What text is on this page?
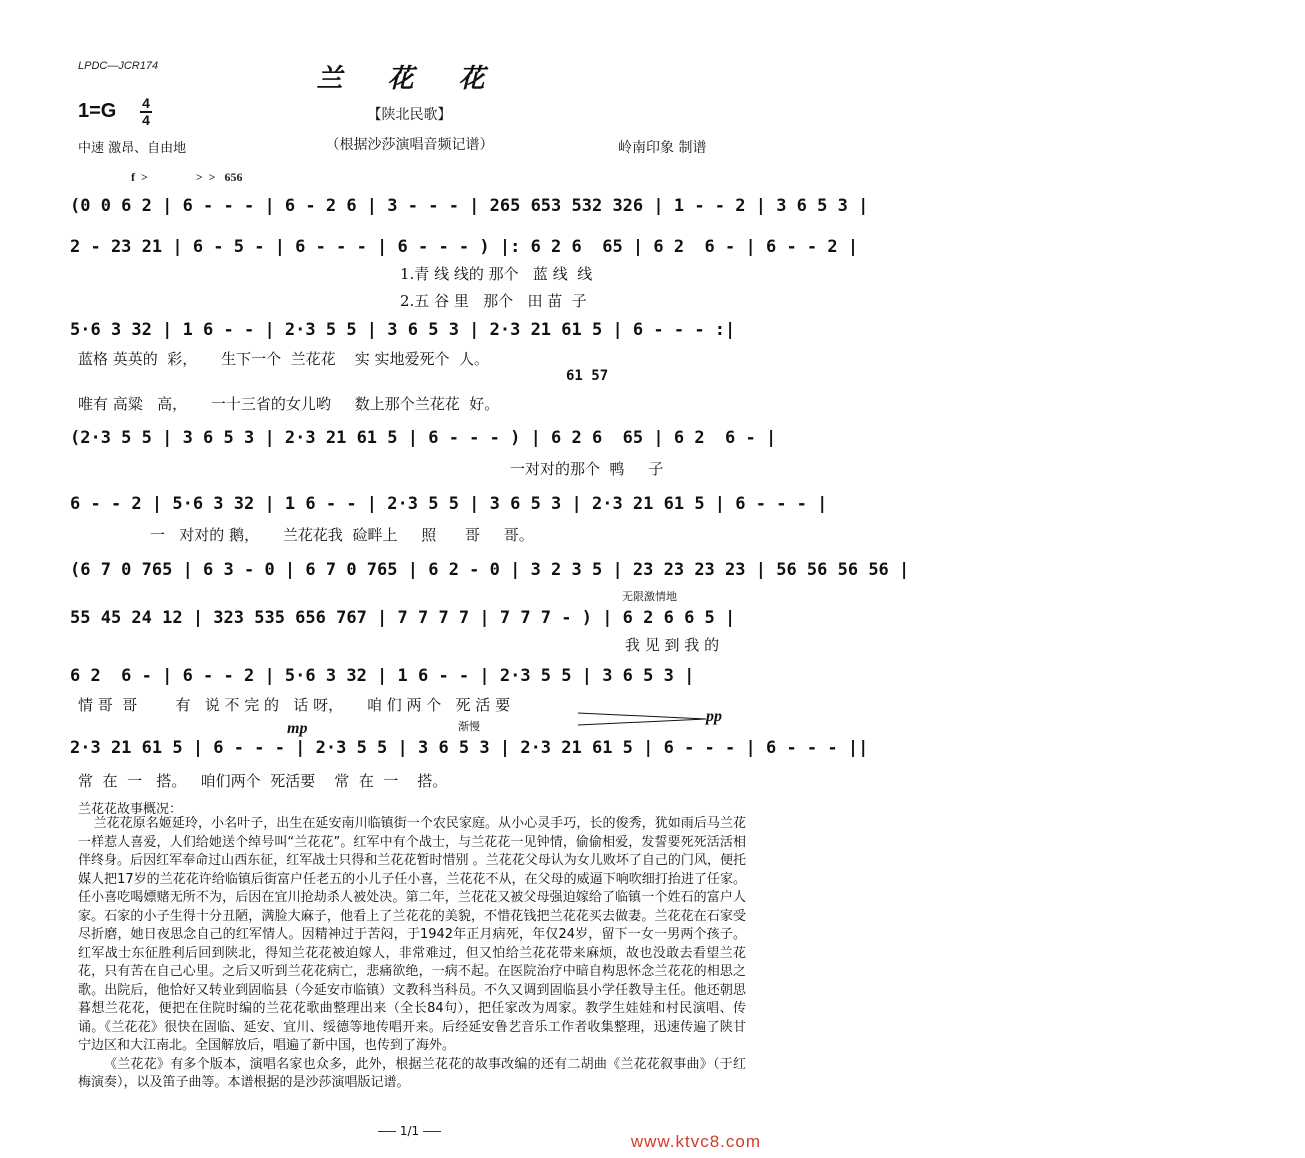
LPDC—JCR174	兰 花 花
1=G 4
4	【陕北民歌】
（根据沙莎演唱音频记谱）
中速 激昂、自由地	岭南印象 制谱
f  >                >  >   656
(0 0 6 2 | 6 - - - | 6 - 2 6 | 3 - - - | 265 653 532 326 | 1 - - 2 | 3 6 5 3 |
2 - 23 21 | 6 - 5 - | 6 - - - | 6 - - - ) |: 6 2 6  65 | 6 2  6 - | 6 - - 2 |
1.青 线 线的 那个   蓝 线  线
2.五 谷 里   那个   田 苗  子
5·6 3 32 | 1 6 - - | 2·3 5 5 | 3 6 5 3 | 2·3 21 61 5 | 6 - - - :|
蓝格 英英的  彩，     生下一个  兰花花    实 实地爱死个  人。
61 57
唯有 高粱   高，     一十三省的女儿哟     数上那个兰花花  好。
(2·3 5 5 | 3 6 5 3 | 2·3 21 61 5 | 6 - - - ) | 6 2 6  65 | 6 2  6 - |
一对对的那个  鸭     子
6 - - 2 | 5·6 3 32 | 1 6 - - | 2·3 5 5 | 3 6 5 3 | 2·3 21 61 5 | 6 - - - |
一   对对的 鹅，     兰花花我  硷畔上     照      哥     哥。
(6 7 0 765 | 6 3 - 0 | 6 7 0 765 | 6 2 - 0 | 3 2 3 5 | 23 23 23 23 | 56 56 56 56 |
无限激情地
55 45 24 12 | 323 535 656 767 | 7 7 7 7 | 7 7 7 - ) | 6 2 6 6 5 |
我 见 到 我 的
6 2  6 - | 6 - - 2 | 5·6 3 32 | 1 6 - - | 2·3 5 5 | 3 6 5 3 |
情 哥  哥        有   说 不 完 的   话 呀，     咱 们 两 个   死 活 要
mp	渐慢
pp
2·3 21 61 5 | 6 - - - | 2·3 5 5 | 3 6 5 3 | 2·3 21 61 5 | 6 - - - | 6 - - - ||
常  在  一   搭。   咱们两个  死活要    常  在  一    搭。
兰花花故事概况：

兰花花原名姬延玲，小名叶子，出生在延安南川临镇街一个农民家庭。从小心灵手巧，长的俊秀，犹如雨后马兰花一样惹人喜爱，人们给她送个绰号叫“兰花花”。红军中有个战士，与兰花花一见钟情，偷偷相爱，发誓要死死活活相伴终身。后因红军奉命过山西东征，红军战士只得和兰花花暂时惜别 。兰花花父母认为女儿败坏了自己的门风，便托媒人把17岁的兰花花许给临镇后街富户任老五的小儿子任小喜，兰花花不从，在父母的威逼下响吹细打抬进了任家。任小喜吃喝嫖赌无所不为，后因在宜川抢劫杀人被处决。第二年，兰花花又被父母强迫嫁给了临镇一个姓石的富户人家。石家的小子生得十分丑陋，满脸大麻子，他看上了兰花花的美貌，不惜花钱把兰花花买去做妻。兰花花在石家受尽折磨，她日夜思念自己的红军情人。因精神过于苦闷，于1942年正月病死，年仅24岁，留下一女一男两个孩子。红军战士东征胜利后回到陕北，得知兰花花被迫嫁人，非常难过，但又怕给兰花花带来麻烦，故也没敢去看望兰花花，只有苦在自己心里。之后又听到兰花花病亡，悲痛欲绝，一病不起。在医院治疗中暗自构思怀念兰花花的相思之歌。出院后，他恰好又转业到固临县（今延安市临镇）文教科当科员。不久又调到固临县小学任教导主任。他还朝思暮想兰花花，便把在住院时编的兰花花歌曲整理出来（全长84句），把任家改为周家。教学生娃娃和村民演唱、传诵。《兰花花》很快在固临、延安、宜川、绥德等地传唱开来。后经延安鲁艺音乐工作者收集整理，迅速传遍了陕甘宁边区和大江南北。全国解放后，唱遍了新中国，也传到了海外。

《兰花花》有多个版本，演唱名家也众多，此外，根据兰花花的故事改编的还有二胡曲《兰花花叙事曲》（于红梅演奏），以及笛子曲等。本谱根据的是沙莎演唱版记谱。

1/1
www.ktvc8.com
